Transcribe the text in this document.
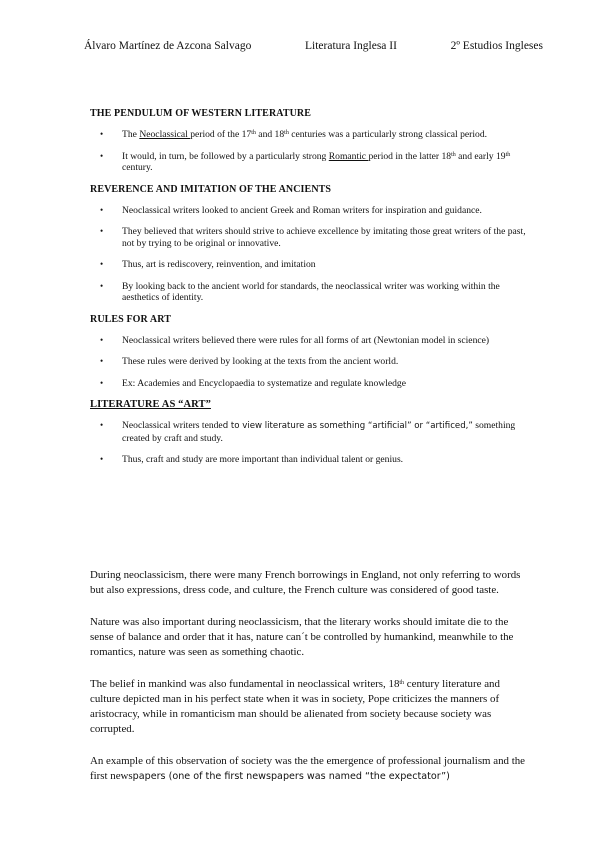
Álvaro Martínez de Azcona Salvago	Literatura Inglesa II	2º Estudios Ingleses
THE PENDULUM OF WESTERN LITERATURE
• The Neoclassical period of the 17th and 18th centuries was a particularly strong classical period.
• It would, in turn, be followed by a particularly strong Romantic period in the latter 18th and early 19th century.
REVERENCE AND IMITATION OF THE ANCIENTS
• Neoclassical writers looked to ancient Greek and Roman writers for inspiration and guidance.
• They believed that writers should strive to achieve excellence by imitating those great writers of the past, not by trying to be original or innovative.
• Thus, art is rediscovery, reinvention, and imitation
• By looking back to the ancient world for standards, the neoclassical writer was working within the aesthetics of identity.
RULES FOR ART
• Neoclassical writers believed there were rules for all forms of art (Newtonian model in science)
• These rules were derived by looking at the texts from the ancient world.
• Ex: Academies and Encyclopaedia to systematize and regulate knowledge
LITERATURE AS “ART”
• Neoclassical writers tended to view literature as something “artificial” or “artificed,” something created by craft and study.
• Thus, craft and study are more important than individual talent or genius.

During neoclassicism, there were many French borrowings in England, not only referring to words but also expressions, dress code, and culture, the French culture was considered of good taste.

Nature was also important during neoclassicism, that the literary works should imitate die to the sense of balance and order that it has, nature can´t be controlled by humankind, meanwhile to the romantics, nature was seen as something chaotic.

The belief in mankind was also fundamental in neoclassical writers, 18th century literature and culture depicted man in his perfect state when it was in society, Pope criticizes the manners of aristocracy, while in romanticism man should be alienated from society because society was corrupted.

An example of this observation of society was the the emergence of professional journalism and the first newspapers (one of the first newspapers was named “the expectator”)
